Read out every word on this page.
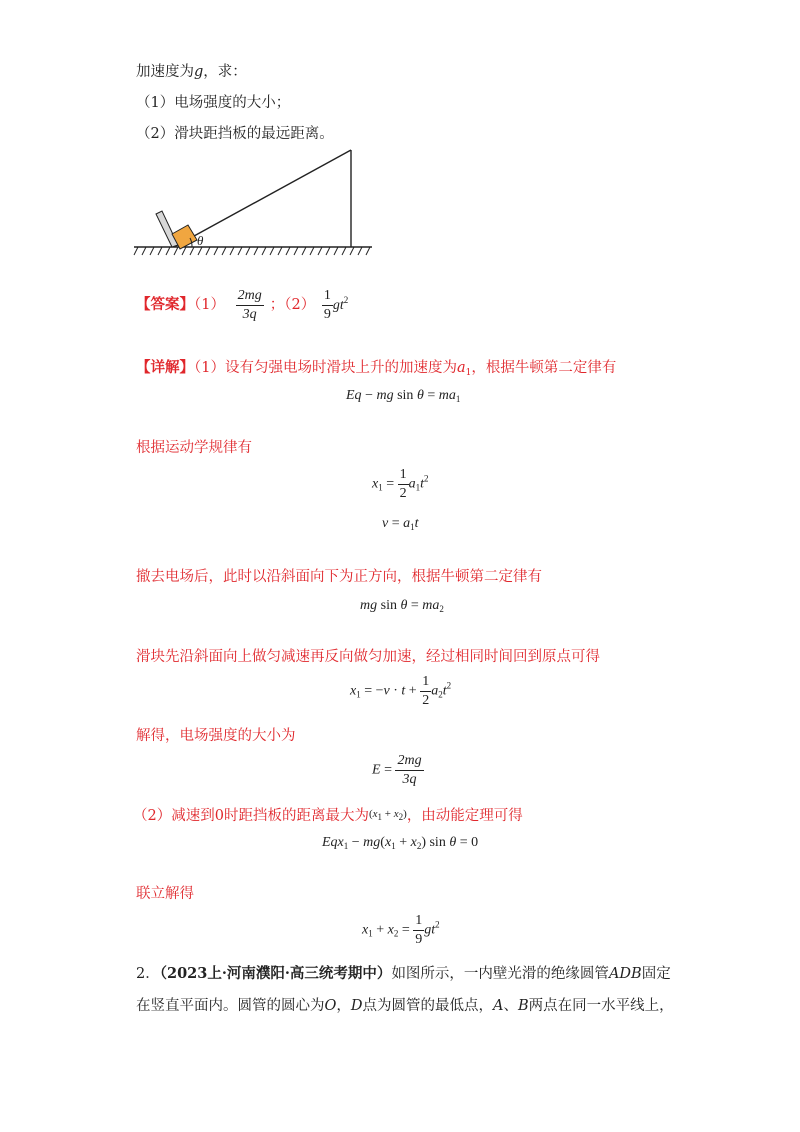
加速度为g，求：
（1）电场强度的大小；
（2）滑块距挡板的最远距离。
θ
【答案】$(1) \frac{2mg}{3q}$ ；$(2) \frac{1}{9} gt^2$
【详解】（1）设有匀强电场时滑块上升的加速度为$a_1$，根据牛顿第二定律有
Eq − mg $\sin \theta = ma_1$
根据运动学规律有
$x_1 = \frac{1}{2} a_1t^2$
$v = a_1t$
撤去电场后，此时以沿斜面向下为正方向，根据牛顿第二定律有
mg $\sin \theta = ma_2$
滑块先沿斜面向上做匀减速再反向做匀加速，经过相同时间回到原点可得
$x_1 = -v \cdot t + \frac{1}{2} a_2t^2$
解得，电场强度的大小为
$E = \frac{2mg}{3q}$
（2）减速到0时距挡板的距离最大为$^{(x_1 + x_2)}$，由动能定理可得
$Eqx_1 - mg(x_1 + x_2)$ sin θ = 0
联立解得
$x_1 + x_2 = \frac{1}{9} gt^2$
2．（2023上·河南濮阳·高三统考期中）如图所示，一内壁光滑的绝缘圆管ADB固定
在竖直平面内。圆管的圆心为O，D点为圆管的最低点，A、B两点在同一水平线上，
